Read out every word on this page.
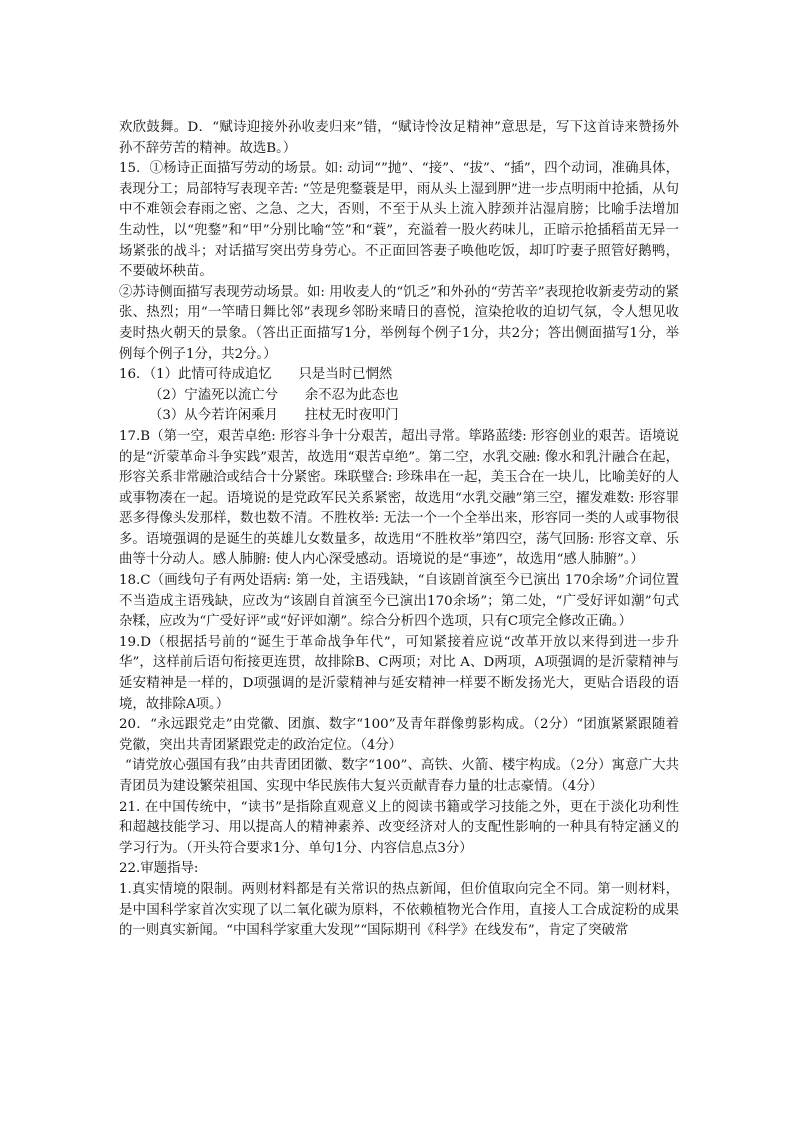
欢欣鼓舞。D．“赋诗迎接外孙收麦归来”错，“赋诗怜汝足精神”意思是，写下这首诗来赞扬外孙不辞劳苦的精神。故选B。）

15．①杨诗正面描写劳动的场景。如: 动词“”抛”、“接”、“拔”、“插”，四个动词，准确具体，表现分工；局部特写表现辛苦: “笠是兜鍪蓑是甲，雨从头上湿到胛”进一步点明雨中抢插，从句中不难领会春雨之密、之急、之大，否则，不至于从头上流入脖颈并沾湿肩膀；比喻手法增加生动性，以“兜鍪”和“甲”分别比喻“笠”和“蓑”，充溢着一股火药味儿，正暗示抢插稻苗无异一场紧张的战斗；对话描写突出劳身劳心。不正面回答妻子唤他吃饭，却叮咛妻子照管好鹅鸭，不要破坏秧苗。

②苏诗侧面描写表现劳动场景。如: 用收麦人的“饥乏”和外孙的“劳苦辛”表现抢收新麦劳动的紧张、热烈；用“一竿晴日舞比邻”表现乡邻盼来晴日的喜悦，渲染抢收的迫切气氛，令人想见收麦时热火朝天的景象。（答出正面描写1分，举例每个例子1分，共2分；答出侧面描写1分，举例每个例子1分，共2分。）

16．（1）此情可待成追忆　　只是当时已惘然

（2）宁溘死以流亡兮　　余不忍为此态也

（3）从今若许闲乘月　　拄杖无时夜叩门

17.B（第一空，艰苦卓绝: 形容斗争十分艰苦，超出寻常。筚路蓝缕: 形容创业的艰苦。语境说的是“沂蒙革命斗争实践”艰苦，故选用“艰苦卓绝”。第二空，水乳交融: 像水和乳汁融合在起，形容关系非常融洽或结合十分紧密。珠联璧合: 珍珠串在一起，美玉合在一块儿，比喻美好的人或事物凑在一起。语境说的是党政军民关系紧密，故选用“水乳交融”第三空，擢发难数: 形容罪恶多得像头发那样，数也数不清。不胜枚举: 无法一个一个全举出来，形容同一类的人或事物很多。语境强调的是诞生的英雄儿女数量多，故选用“不胜枚举”第四空，荡气回肠: 形容文章、乐曲等十分动人。感人肺腑: 使人内心深受感动。语境说的是“事迹”，故选用“感人肺腑”。）

18.C（画线句子有两处语病: 第一处，主语残缺，“自该剧首演至今已演出 170余场”介词位置不当造成主语残缺，应改为“该剧自首演至今已演出170余场”；第二处，“广受好评如潮”句式杂糅，应改为“广受好评”或“好评如潮”。综合分析四个选项，只有C项完全修改正确。）

19.D（根据括号前的“诞生于革命战争年代”，可知紧接着应说“改革开放以来得到进一步升华”，这样前后语句衔接更连贯，故排除B、C两项；对比 A、D两项，A项强调的是沂蒙精神与延安精神是一样的，D项强调的是沂蒙精神与延安精神一样要不断发扬光大，更贴合语段的语境，故排除A项。）

20．“永远跟党走”由党徽、团旗、数字“100”及青年群像剪影构成。（2分）“团旗紧紧跟随着党徽，突出共青团紧跟党走的政治定位。（4分）

“请党放心强国有我”由共青团团徽、数字“100”、高铁、火箭、楼宇构成。（2分）寓意广大共青团员为建设繁荣祖国、实现中华民族伟大复兴贡献青春力量的壮志豪情。（4分）

21. 在中国传统中，“读书”是指除直观意义上的阅读书籍或学习技能之外，更在于淡化功利性和超越技能学习、用以提高人的精神素养、改变经济对人的支配性影响的一种具有特定涵义的学习行为。（开头符合要求1分、单句1分、内容信息点3分）

22.审题指导:

1.真实情境的限制。两则材料都是有关常识的热点新闻，但价值取向完全不同。第一则材料，是中国科学家首次实现了以二氧化碳为原料，不依赖植物光合作用，直接人工合成淀粉的成果的一则真实新闻。“中国科学家重大发现”“国际期刊《科学》在线发布”，肯定了突破常
